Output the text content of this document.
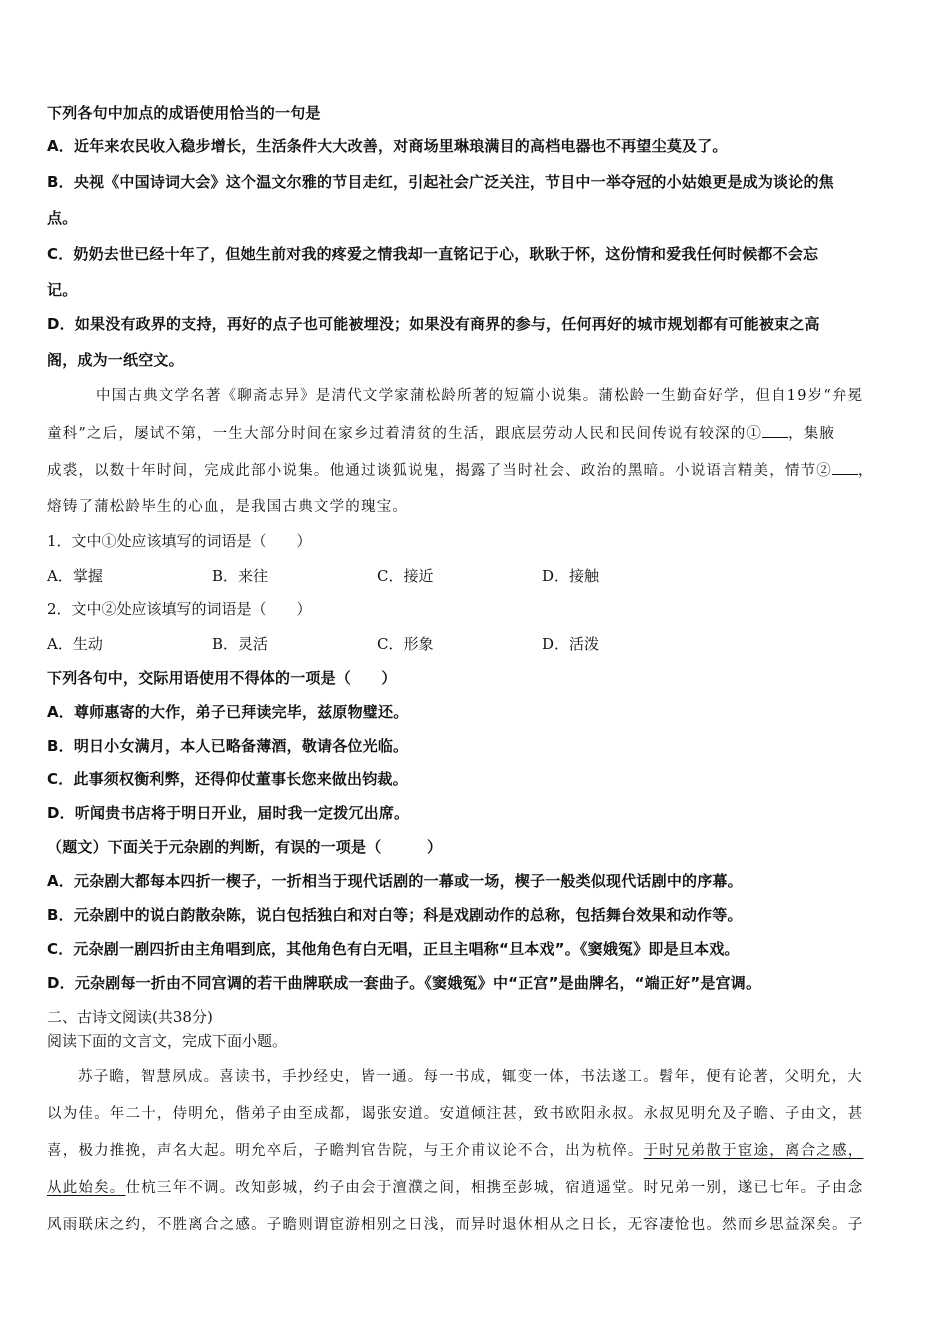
下列各句中加点的成语使用恰当的一句是
A．近年来农民收入稳步增长，生活条件大大改善，对商场里琳琅满目的高档电器也不再望尘莫及了。
B．央视《中国诗词大会》这个温文尔雅的节目走红，引起社会广泛关注，节目中一举夺冠的小姑娘更是成为谈论的焦
点。
C．奶奶去世已经十年了，但她生前对我的疼爱之情我却一直铭记于心，耿耿于怀，这份情和爱我任何时候都不会忘
记。
D．如果没有政界的支持，再好的点子也可能被埋没；如果没有商界的参与，任何再好的城市规划都有可能被束之高
阁，成为一纸空文。
中国古典文学名著《聊斋志异》是清代文学家蒲松龄所著的短篇小说集。蒲松龄一生勤奋好学，但自19岁“弁冕
童科”之后，屡试不第，一生大部分时间在家乡过着清贫的生活，跟底层劳动人民和民间传说有较深的① ，集腋
成裘，以数十年时间，完成此部小说集。他通过谈狐说鬼，揭露了当时社会、政治的黑暗。小说语言精美，情节② ，
熔铸了蒲松龄毕生的心血，是我国古典文学的瑰宝。
1．文中①处应该填写的词语是（　　）
A．掌握	B．来往	C．接近	D．接触
2．文中②处应该填写的词语是（　　）
A．生动	B．灵活	C．形象	D．活泼
下列各句中，交际用语使用不得体的一项是（　　）
A．尊师惠寄的大作，弟子已拜读完毕，兹原物璧还。
B．明日小女满月，本人已略备薄酒，敬请各位光临。
C．此事须权衡利弊，还得仰仗董事长您来做出钧裁。
D．听闻贵书店将于明日开业，届时我一定拨冗出席。
（题文）下面关于元杂剧的判断，有误的一项是（　　　）
A．元杂剧大都每本四折一楔子，一折相当于现代话剧的一幕或一场，楔子一般类似现代话剧中的序幕。
B．元杂剧中的说白韵散杂陈，说白包括独白和对白等；科是戏剧动作的总称，包括舞台效果和动作等。
C．元杂剧一剧四折由主角唱到底，其他角色有白无唱，正旦主唱称“旦本戏”。《窦娥冤》即是旦本戏。
D．元杂剧每一折由不同宫调的若干曲牌联成一套曲子。《窦娥冤》中“正宫”是曲牌名，“端正好”是宫调。
二、古诗文阅读(共38分)
阅读下面的文言文，完成下面小题。
苏子瞻，智慧夙成。喜读书，手抄经史，皆一通。每一书成，辄变一体，书法遂工。髫年，便有论著，父明允，大
以为佳。年二十，侍明允，偕弟子由至成都，谒张安道。安道倾注甚，致书欧阳永叔。永叔见明允及子瞻、子由文，甚
喜，极力推挽，声名大起。明允卒后，子瞻判官告院，与王介甫议论不合，出为杭倅。于时兄弟散于宦途，离合之感，
从此始矣。仕杭三年不调。改知彭城，约子由会于澶濮之间，相携至彭城，宿逍遥堂。时兄弟一别，遂已七年。子由念
风雨联床之约，不胜离合之感。子瞻则谓宦游相别之日浅，而异时退休相从之日长，无容凄怆也。然而乡思益深矣。子
